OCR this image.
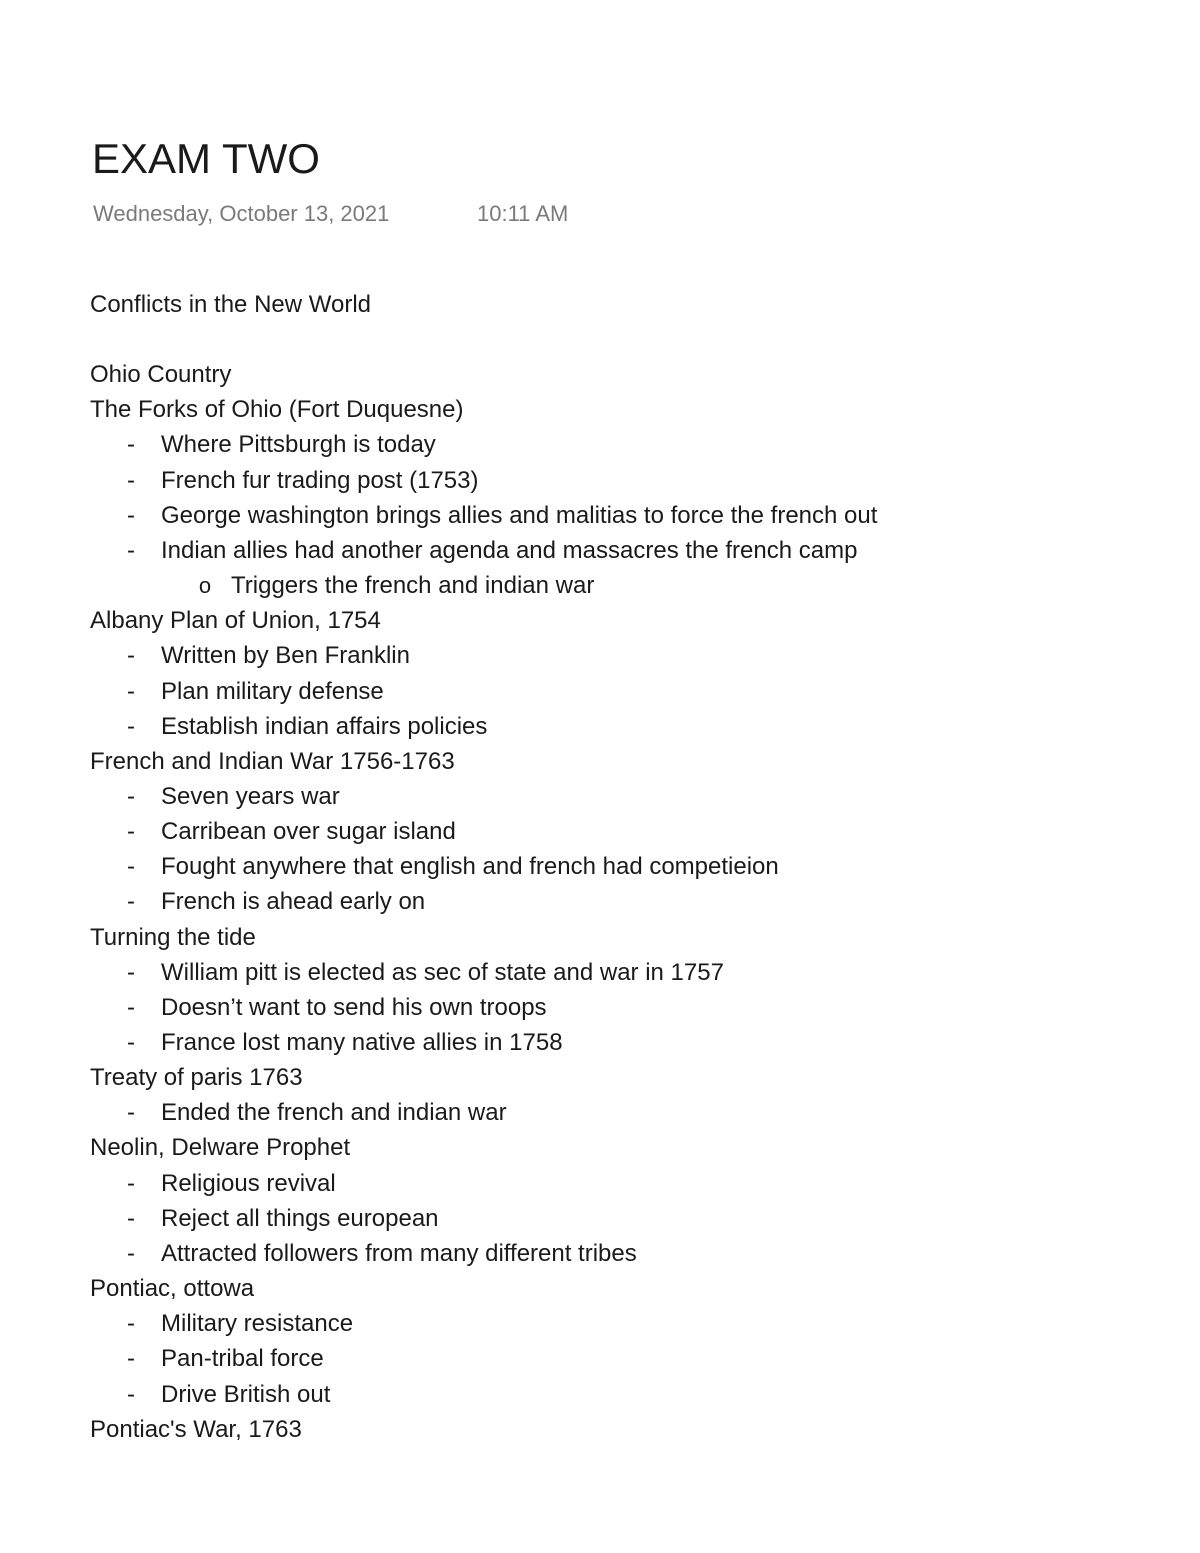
EXAM TWO
Wednesday, October 13, 2021	10:11 AM
Conflicts in the New World
Ohio Country
The Forks of Ohio (Fort Duquesne)
- Where Pittsburgh is today
- French fur trading post (1753)
- George washington brings allies and malitias to force the french out
- Indian allies had another agenda and massacres the french camp
o Triggers the french and indian war
Albany Plan of Union, 1754
- Written by Ben Franklin
- Plan military defense
- Establish indian affairs policies
French and Indian War 1756-1763
- Seven years war
- Carribean over sugar island
- Fought anywhere that english and french had competieion
- French is ahead early on
Turning the tide
- William pitt is elected as sec of state and war in 1757
- Doesn’t want to send his own troops
- France lost many native allies in 1758
Treaty of paris 1763
- Ended the french and indian war
Neolin, Delware Prophet
- Religious revival
- Reject all things european
- Attracted followers from many different tribes
Pontiac, ottowa
- Military resistance
- Pan-tribal force
- Drive British out
Pontiac's War, 1763
